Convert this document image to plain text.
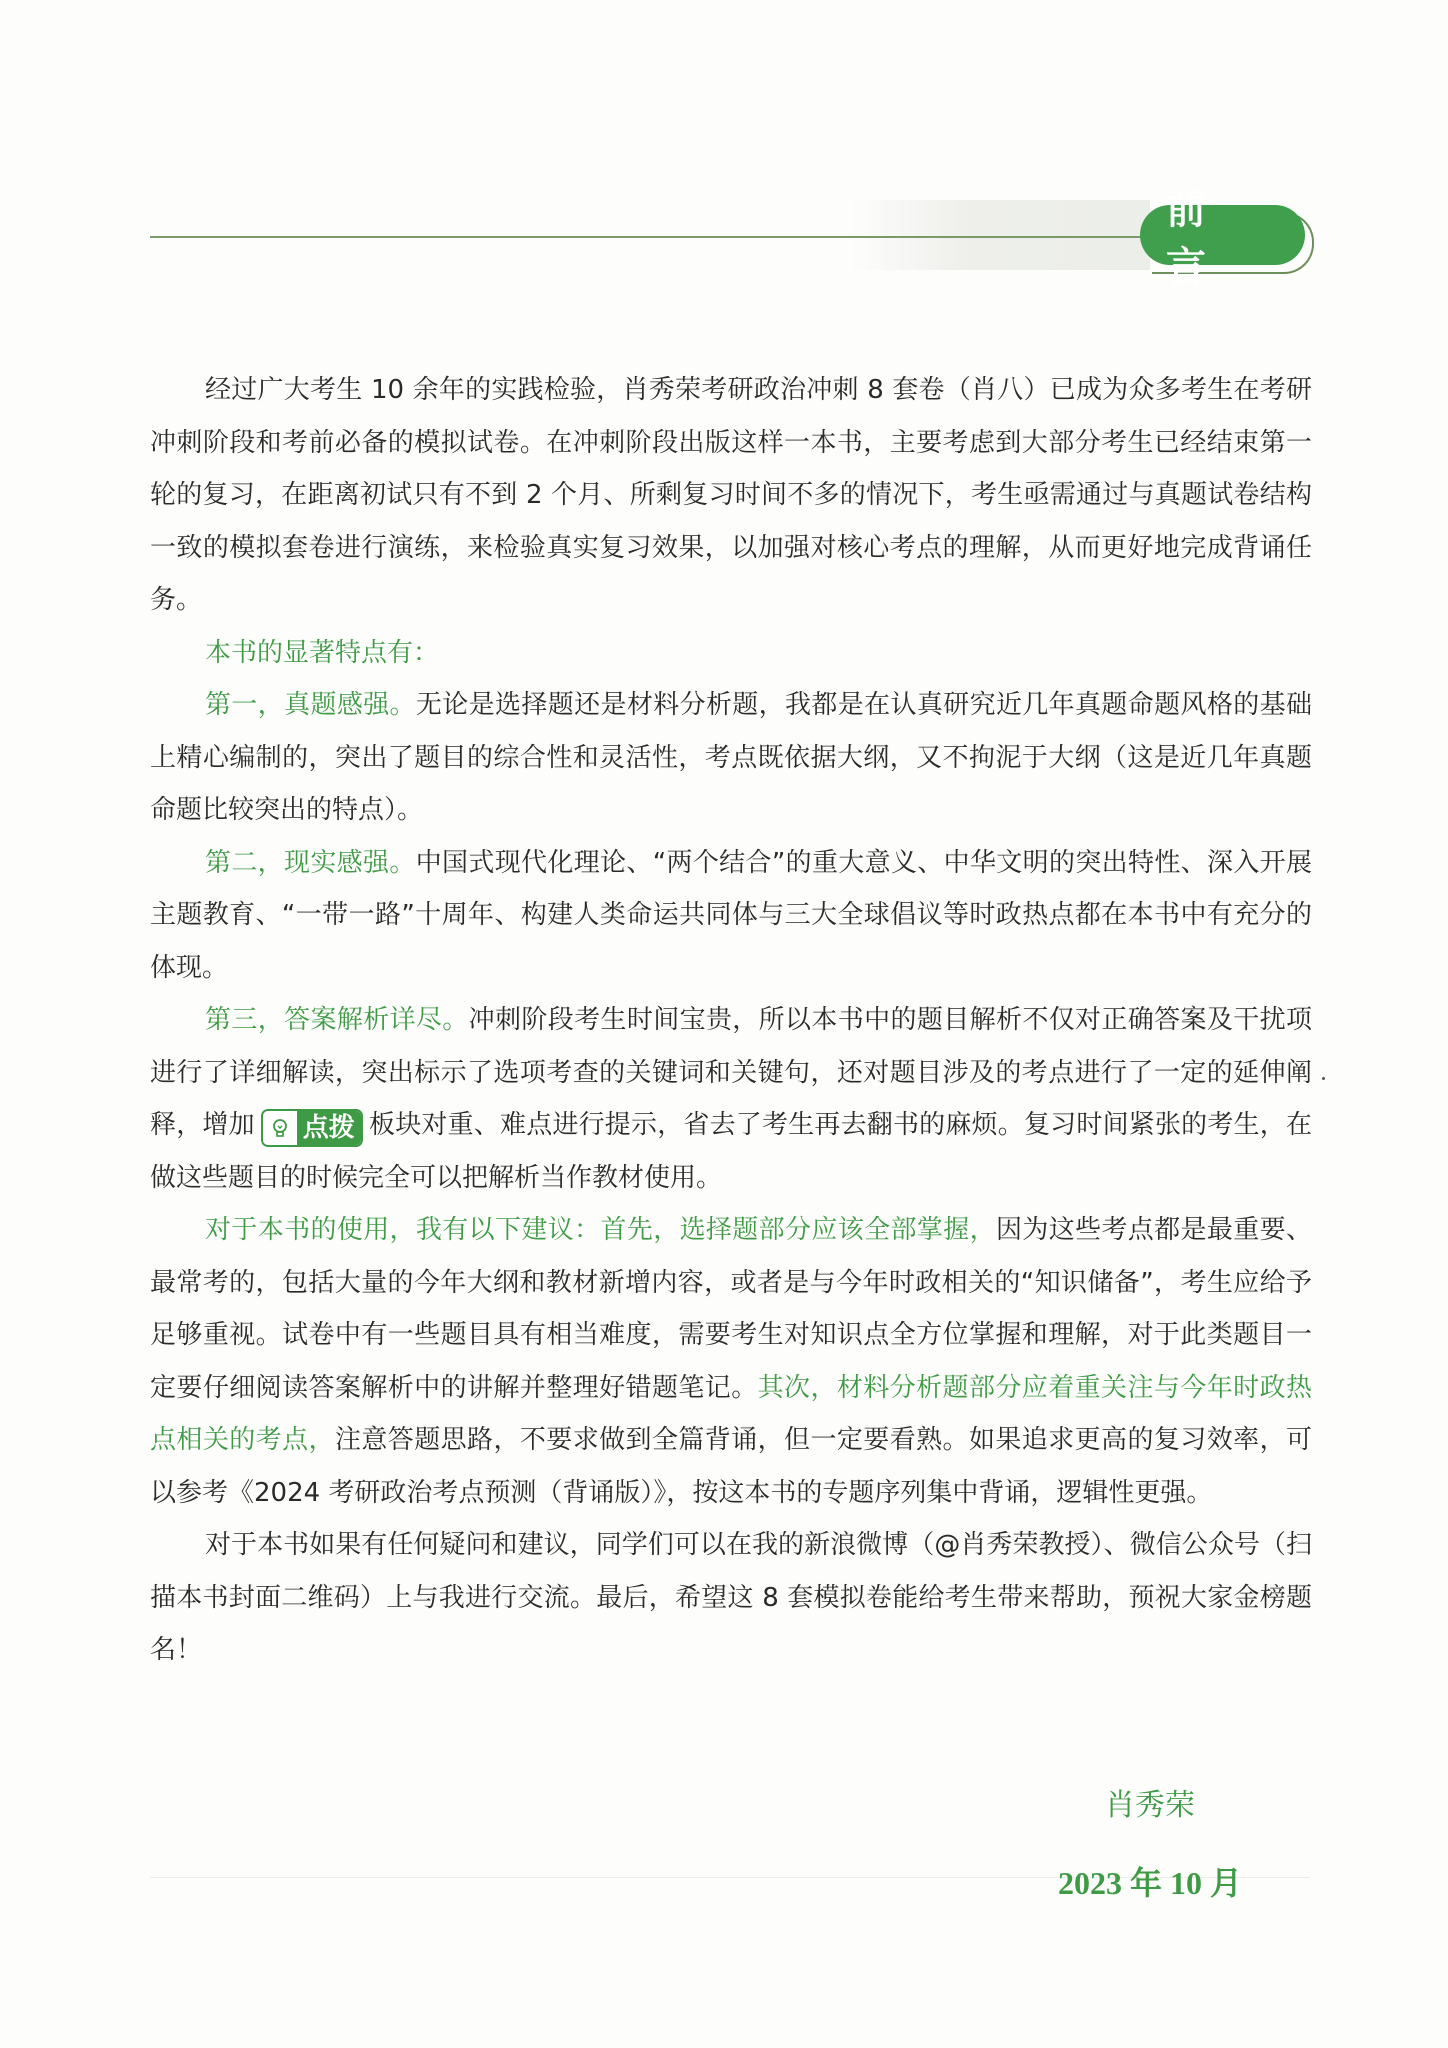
前 言

经过广大考生 10 余年的实践检验，肖秀荣考研政治冲刺 8 套卷（肖八）已成为众多考生在考研冲刺阶段和考前必备的模拟试卷。在冲刺阶段出版这样一本书，主要考虑到大部分考生已经结束第一轮的复习，在距离初试只有不到 2 个月、所剩复习时间不多的情况下，考生亟需通过与真题试卷结构一致的模拟套卷进行演练，来检验真实复习效果，以加强对核心考点的理解，从而更好地完成背诵任务。

本书的显著特点有：

第一，真题感强。无论是选择题还是材料分析题，我都是在认真研究近几年真题命题风格的基础上精心编制的，突出了题目的综合性和灵活性，考点既依据大纲，又不拘泥于大纲（这是近几年真题命题比较突出的特点）。

第二，现实感强。中国式现代化理论、“两个结合”的重大意义、中华文明的突出特性、深入开展主题教育、“一带一路”十周年、构建人类命运共同体与三大全球倡议等时政热点都在本书中有充分的体现。

第三，答案解析详尽。冲刺阶段考生时间宝贵，所以本书中的题目解析不仅对正确答案及干扰项进行了详细解读，突出标示了选项考查的关键词和关键句，还对题目涉及的考点进行了一定的延伸阐释，增加 点拨 板块对重、难点进行提示，省去了考生再去翻书的麻烦。复习时间紧张的考生，在做这些题目的时候完全可以把解析当作教材使用。

对于本书的使用，我有以下建议：首先，选择题部分应该全部掌握，因为这些考点都是最重要、最常考的，包括大量的今年大纲和教材新增内容，或者是与今年时政相关的“知识储备”，考生应给予足够重视。试卷中有一些题目具有相当难度，需要考生对知识点全方位掌握和理解，对于此类题目一定要仔细阅读答案解析中的讲解并整理好错题笔记。其次，材料分析题部分应着重关注与今年时政热点相关的考点，注意答题思路，不要求做到全篇背诵，但一定要看熟。如果追求更高的复习效率，可以参考《2024 考研政治考点预测（背诵版）》，按这本书的专题序列集中背诵，逻辑性更强。

对于本书如果有任何疑问和建议，同学们可以在我的新浪微博（@肖秀荣教授）、微信公众号（扫描本书封面二维码）上与我进行交流。最后，希望这 8 套模拟卷能给考生带来帮助，预祝大家金榜题名！

肖秀荣
2023 年 10 月
